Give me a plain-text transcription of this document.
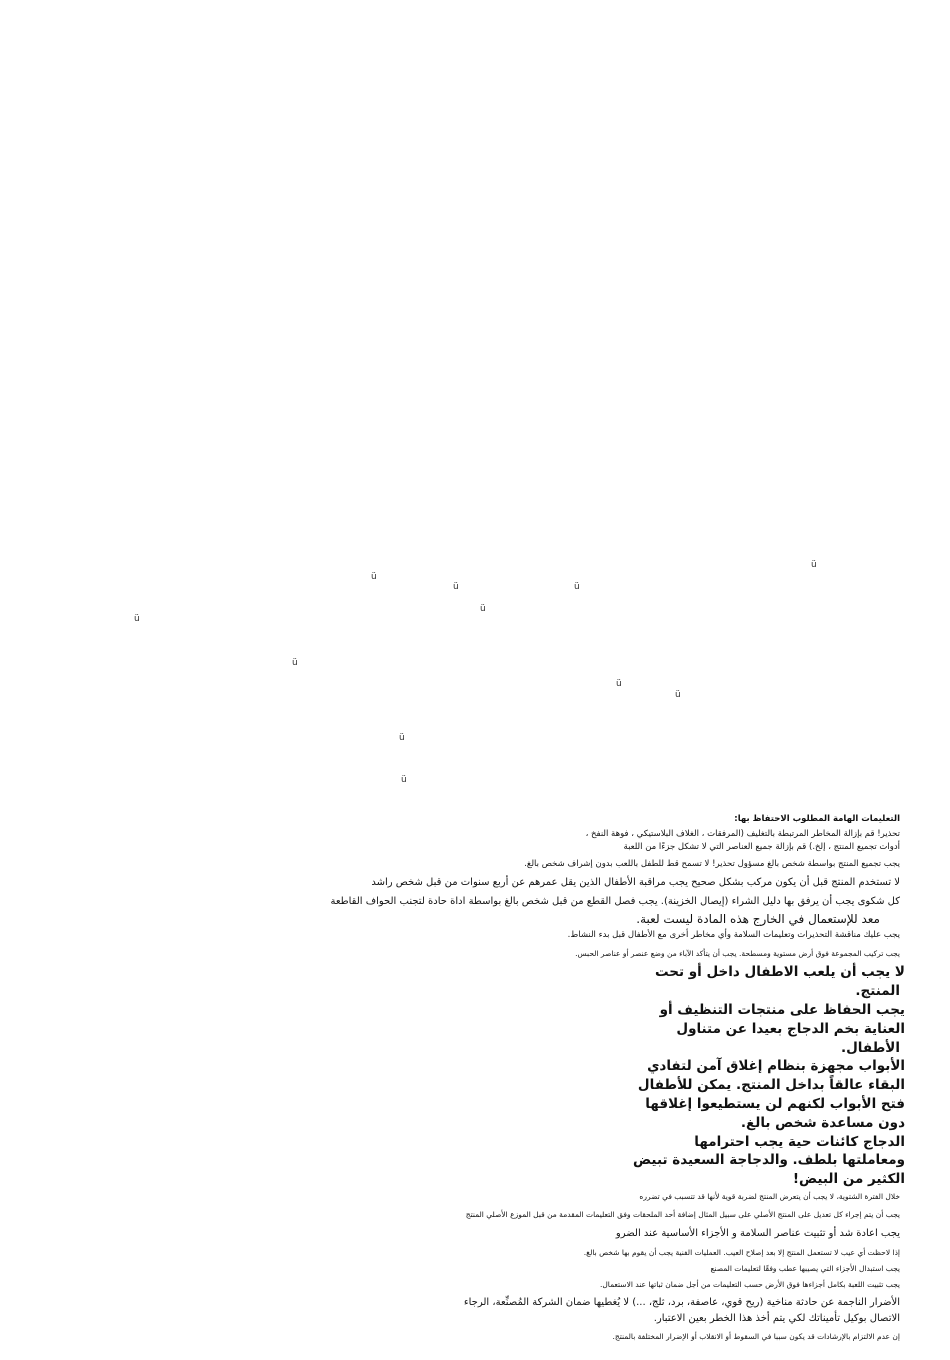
ü
ü
ü	ü
ü
ü
ü
ü
ü
ü
ü
التعليمات الهامة المطلوب الاحتفاظ بها:
تحذير! قم بإزالة المخاطر المرتبطة بالتغليف (المرفقات ، الغلاف البلاستيكي ، فوهة النفخ ،
أدوات تجميع المنتج ، إلخ.) قم بإزالة جميع العناصر التي لا تشكل جزءًا من اللعبة
يجب تجميع المنتج بواسطة شخص بالغ مسؤول تحذير! لا تسمح قط للطفل باللعب بدون إشراف شخص بالغ.
لا تستخدم المنتج قبل أن يكون مركب بشكل صحيح يجب مراقبة الأطفال الذين يقل عمرهم عن أربع سنوات من قبل شخص راشد
كل شكوى يجب أن يرفق بها دليل الشراء (إيصال الخزينة). يجب فصل القطع من قبل شخص بالغ بواسطة اداة حادة لتجنب الحواف القاطعة
معد للإستعمال في الخارج هذه المادة ليست لعبة.
يجب عليك مناقشة التحذيرات وتعليمات السلامة وأي مخاطر أخرى مع الأطفال قبل بدء النشاط.
يجب تركيب المجموعة فوق أرض مستوية ومسطحة. يجب أن يتأكد الآباء من وضع عنصر أو عناصر الحبس.
لا يجب أن يلعب الاطفال داخل أو تحت
المنتج.
يجب الحفاظ على منتجات التنظيف أو
العناية بخم الدجاج بعيدا عن متناول
الأطفال.
الأبواب مجهزة بنظام إغلاق آمن لتفادي
البقاء عالقاً بداخل المنتج. يمكن للأطفال
فتح الأبواب لكنهم لن يستطيعوا إغلاقها
دون مساعدة شخص بالغ.
الدجاج كائنات حية يجب احترامها
ومعاملتها بلطف. والدجاجة السعيدة تبيض
الكثير من البيض!
خلال الفترة الشتوية، لا يجب أن يتعرض المنتج لضربة قوية لأنها قد تتسبب في تضرره
يجب أن يتم إجراء كل تعديل على المنتج الأصلي على سبيل المثال إضافة أحد الملحقات وفق التعليمات المقدمة من قبل الموزع الأصلي المنتج
يجب اعادة شد أو تثبيت عناصر السلامة و الأجزاء الأساسية عند الضرو
إذا لاحظت أي عيب لا تستعمل المنتج إلا بعد إصلاح العيب. العمليات الفنية يجب أن يقوم بها شخص بالغ.
يجب استبدال الأجزاء التي يصيبها عطب وفقًا لتعليمات المصنع
يجب تثبيت اللعبة بكامل أجزاءها فوق الأرض حسب التعليمات من أجل ضمان ثباتها عند الاستعمال.
الأضرار الناجمة عن حادثة مناخية (ريح قوي، عاصفة، برد، ثلج، ...) لا يُغطيها ضمان الشركة المُصنِّعة، الرجاء
الاتصال بوكيل تأميناتك لكي يتم أخذ هذا الخطر بعين الاعتبار.
إن عدم الالتزام بالإرشادات قد يكون سببا في السقوط أو الانقلاب أو الإضرار المختلفة بالمنتج.
